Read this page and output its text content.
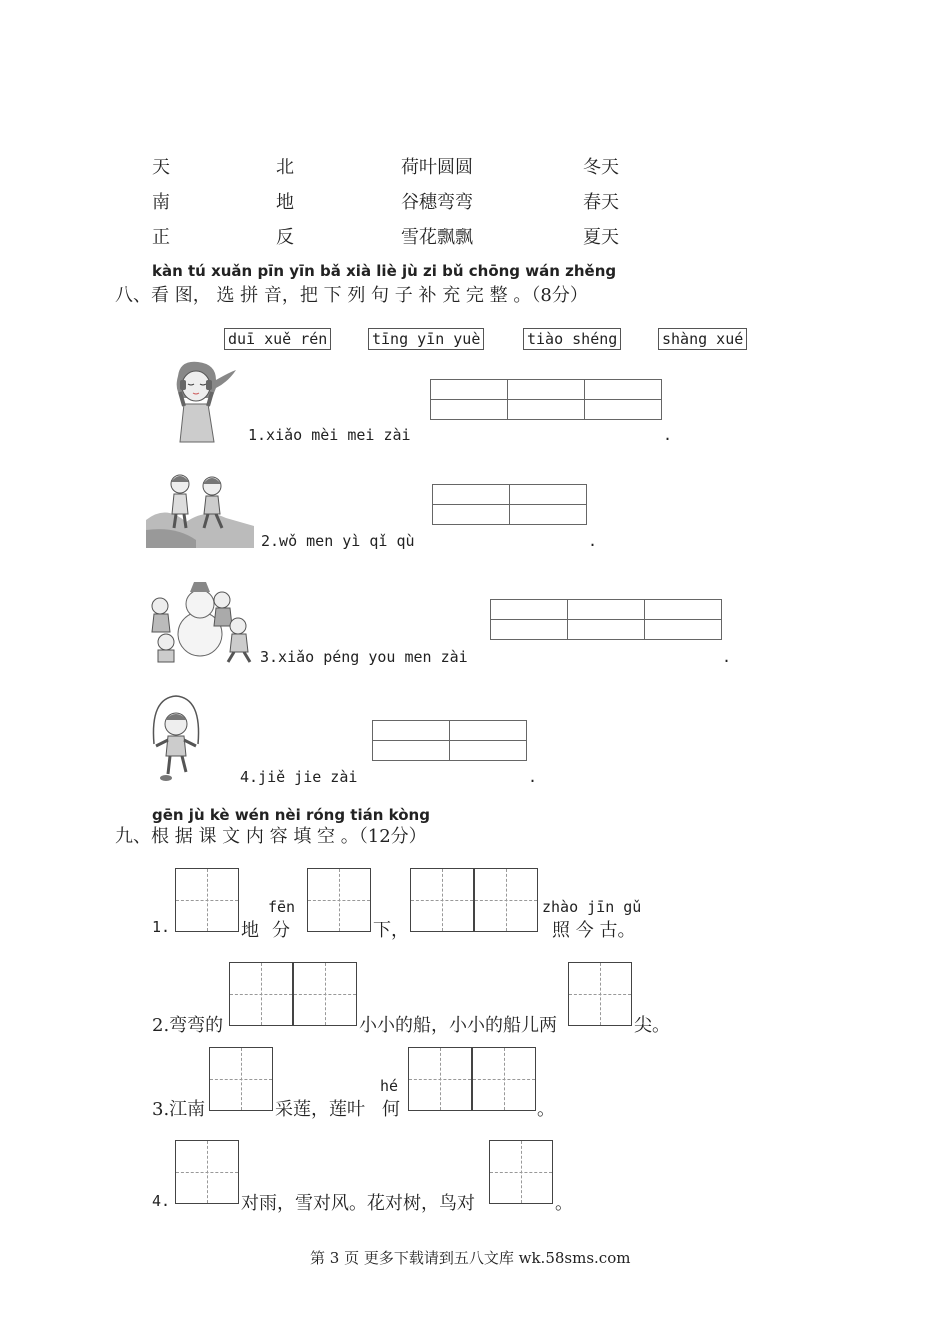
天	北	荷叶圆圆	冬天
南	地	谷穗弯弯	春天
正	反	雪花飘飘	夏天
kàn tú xuǎn pīn yīn bǎ xià liè jù zi bǔ chōng wán zhěng
八、看 图， 选 拼 音，把 下 列 句 子 补 充 完 整 。（8分）
duī xuě rén	tīng yīn yuè	tiào shéng	shàng xué
1.xiǎo mèi mei zài

			.
2.wǒ men yì qǐ qù

		.
3.xiǎo péng you men zài

			.
4.jiě jie zài

		.
gēn jù kè wén nèi róng tián kòng
九、根 据 课 文 内 容 填 空 。（12分）
1.	地
fēn
分	下，
zhào jīn gǔ
照 今 古。
2.弯弯的	小小的船，小小的船儿两	尖。
3.江南	采莲，莲叶
hé
何	。
4.	对雨，雪对风。花对树，鸟对	。
第 3 页 更多下载请到五八文库 wk.58sms.com
